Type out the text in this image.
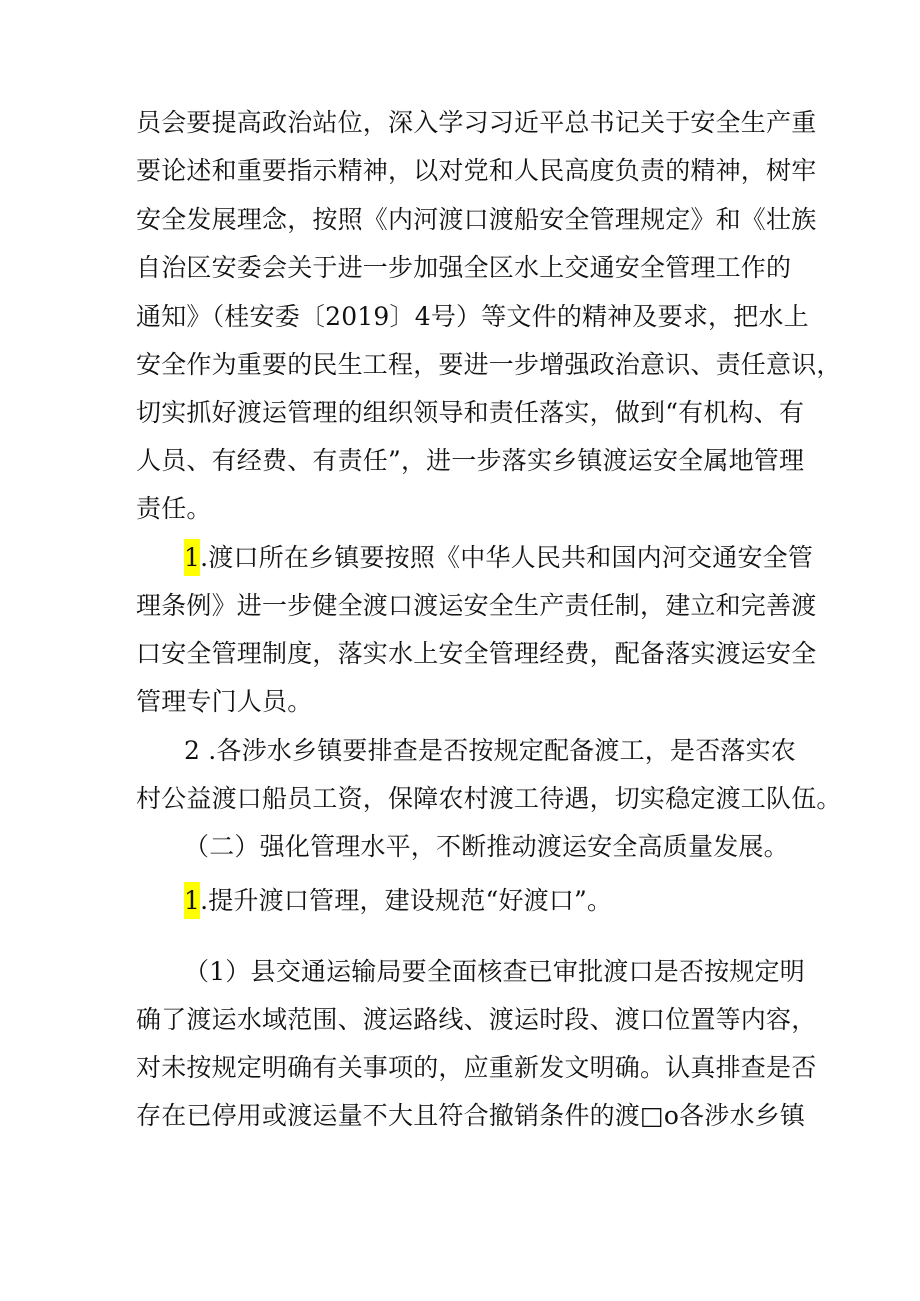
员会要提高政治站位，深入学习习近平总书记关于安全生产重
要论述和重要指示精神，以对党和人民高度负责的精神，树牢
安全发展理念，按照《内河渡口渡船安全管理规定》和《壮族
自治区安委会关于进一步加强全区水上交通安全管理工作的
通知》（桂安委〔2019〕4号）等文件的精神及要求，把水上
安全作为重要的民生工程，要进一步增强政治意识、责任意识，
切实抓好渡运管理的组织领导和责任落实，做到“有机构、有
人员、有经费、有责任”，进一步落实乡镇渡运安全属地管理
责任。
1.渡口所在乡镇要按照《中华人民共和国内河交通安全管
理条例》进一步健全渡口渡运安全生产责任制，建立和完善渡
口安全管理制度，落实水上安全管理经费，配备落实渡运安全
管理专门人员。
2 .各涉水乡镇要排查是否按规定配备渡工，是否落实农
村公益渡口船员工资，保障农村渡工待遇，切实稳定渡工队伍。
（二）强化管理水平，不断推动渡运安全高质量发展。
1.提升渡口管理，建设规范“好渡口”。
（1）县交通运输局要全面核查已审批渡口是否按规定明
确了渡运水域范围、渡运路线、渡运时段、渡口位置等内容，
对未按规定明确有关事项的，应重新发文明确。认真排查是否
存在已停用或渡运量不大且符合撤销条件的渡□o各涉水乡镇
